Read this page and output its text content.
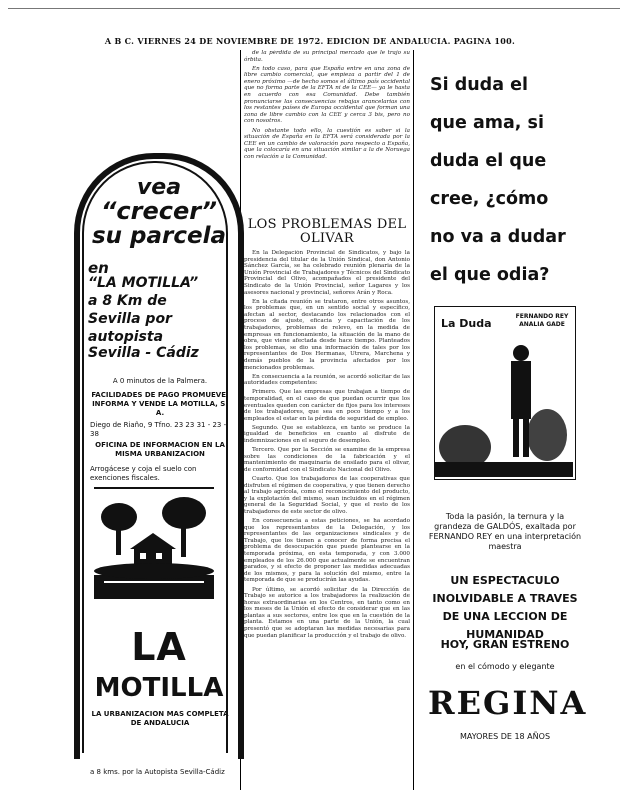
A B C. VIERNES 24 DE NOVIEMBRE DE 1972. EDICION DE ANDALUCIA. PAGINA 100.
vea
“crecer”
su parcela
en
“LA MOTILLA”
a 8 Km de
Sevilla por
autopista
Sevilla - Cádiz
A 0 minutos de la Palmera.
FACILIDADES DE PAGO PROMUEVE, INFORMA Y VENDE LA MOTILLA, S. A.
Diego de Riaño, 9 Tfno. 23 23 31 - 23 - 38
OFICINA DE INFORMACION EN LA MISMA URBANIZACION
Arrogácese y coja el suelo con exenciones fiscales.
LA
MOTILLA
LA URBANIZACION MAS COMPLETA DE ANDALUCIA
a 8 kms. por la Autopista Sevilla-Cádiz

de la pérdida de su principal mercado que le trajo su órbita.

En todo caso, para que España entre en una zona de libre cambio comercial, que empieza a partir del 1 de enero próximo —de hecho somos el último país occidental que no forma parte de la EFTA ni de la CEE— ya le hasta en acuerdo con esa Comunidad. Debe también pronunciarse las consecuencias rebajas arancelarias con los restantes países de Europa occidental que forman una zona de libre cambio con la CEE y cerca 3 bis, pero no con nosotros.

No obstante todo ello, la cuestión es saber si la situación de España en la EFTA será considerada por la CEE en un cambio de valoración para respecto a España, que la colocaría en una situación similar a la de Noruega con relación a la Comunidad.

LOS PROBLEMAS DEL OLIVAR

En la Delegación Provincial de Sindicatos, y bajo la presidencia del titular de la Unión Sindical, don Antonio Sánchez García, se ha celebrado reunión plenaria de la Unión Provincial de Trabajadores y Técnicos del Sindicato Provincial del Olivo, acompañados el presidente del Sindicato de la Unión Provincial, señor Lagares y los asesores nacional y provincial, señores Arán y Roca.

En la citada reunión se trataron, entre otros asuntos, los problemas que, en un sentido social y específico, afectan al sector, destacando los relacionados con el proceso de ajuste, eficacia y capacitación de los trabajadores, problemas de relevo, en la medida de empresas en funcionamiento, la situación de la mano de obra, que viene afectada desde hace tiempo. Planteados los problemas, se dio una información de tales por los representantes de Dos Hermanas, Utrera, Marchena y demás pueblos de la provincia afectados por los mencionados problemas.

En consecuencia a la reunión, se acordó solicitar de las autoridades competentes:

Primero. Que las empresas que trabajan a tiempo de temporalidad, en el caso de que puedan ocurrir que los eventuales queden con carácter de fijos para los intereses de los trabajadores, que sea en poco tiempo y a los empleados el estar en la pérdida de seguridad de empleo.

Segundo. Que se establezca, en tanto se produce la igualdad de beneficios en cuanto al disfrute de indemnizaciones en el seguro de desempleo.

Tercero. Que por la Sección se examine de la empresa sobre las condiciones de la fabricación y el mantenimiento de maquinaria de ensilado para el olivar, de conformidad con el Sindicato Nacional del Olivo.

Cuarto. Que los trabajadores de las cooperativas que disfruten el régimen de cooperativa, y que tienen derecho al trabajo agrícola, como el reconocimiento del producto, y la explotación del mismo, sean incluidos en el régimen general de la Seguridad Social, y que el resto de los trabajadores de este sector de olivo.

En consecuencia a estas peticiones, se ha acordado que los representantes de la Delegación, y los representantes de las organizaciones sindicales y de Trabajo, que los tienen a conocer de forma precisa el problema de desocupación que puede plantearse en la temporada próxima, en esta temporada, y con 3.000 empleados de los 26.000 que actualmente se encuentran parados, y si efecto de proponer las medidas adecuadas de los mismos, y para la solución del mismo, entre la temporada de que se producirán las ayudas.

Por último, se acordó solicitar de la Dirección de Trabajo se autorice a los trabajadores la realización de horas extraordinarias en los Centros, en tanto como en los meses de la Unión el efecto de considerar que en las plantas a sus sectores, entre los que en la cuestión de la planta. Estamos en una parte de la Unión, la cual presentó que se adoptaran las medidas necesarias para que puedan planificar la producción y el trabajo de olivo.

Si duda el
que ama, si
duda el que
cree, ¿cómo
no va a dudar
el que odia?
La Duda
FERNANDO REY ANALIA GADE
Toda la pasión, la ternura y la grandeza de GALDÓS, exaltada por FERNANDO REY en una interpretación maestra
UN ESPECTACULO INOLVIDABLE A TRAVES DE UNA LECCION DE HUMANIDAD
HOY, GRAN ESTRENO
en el cómodo y elegante
REGINA
MAYORES DE 18 AÑOS
